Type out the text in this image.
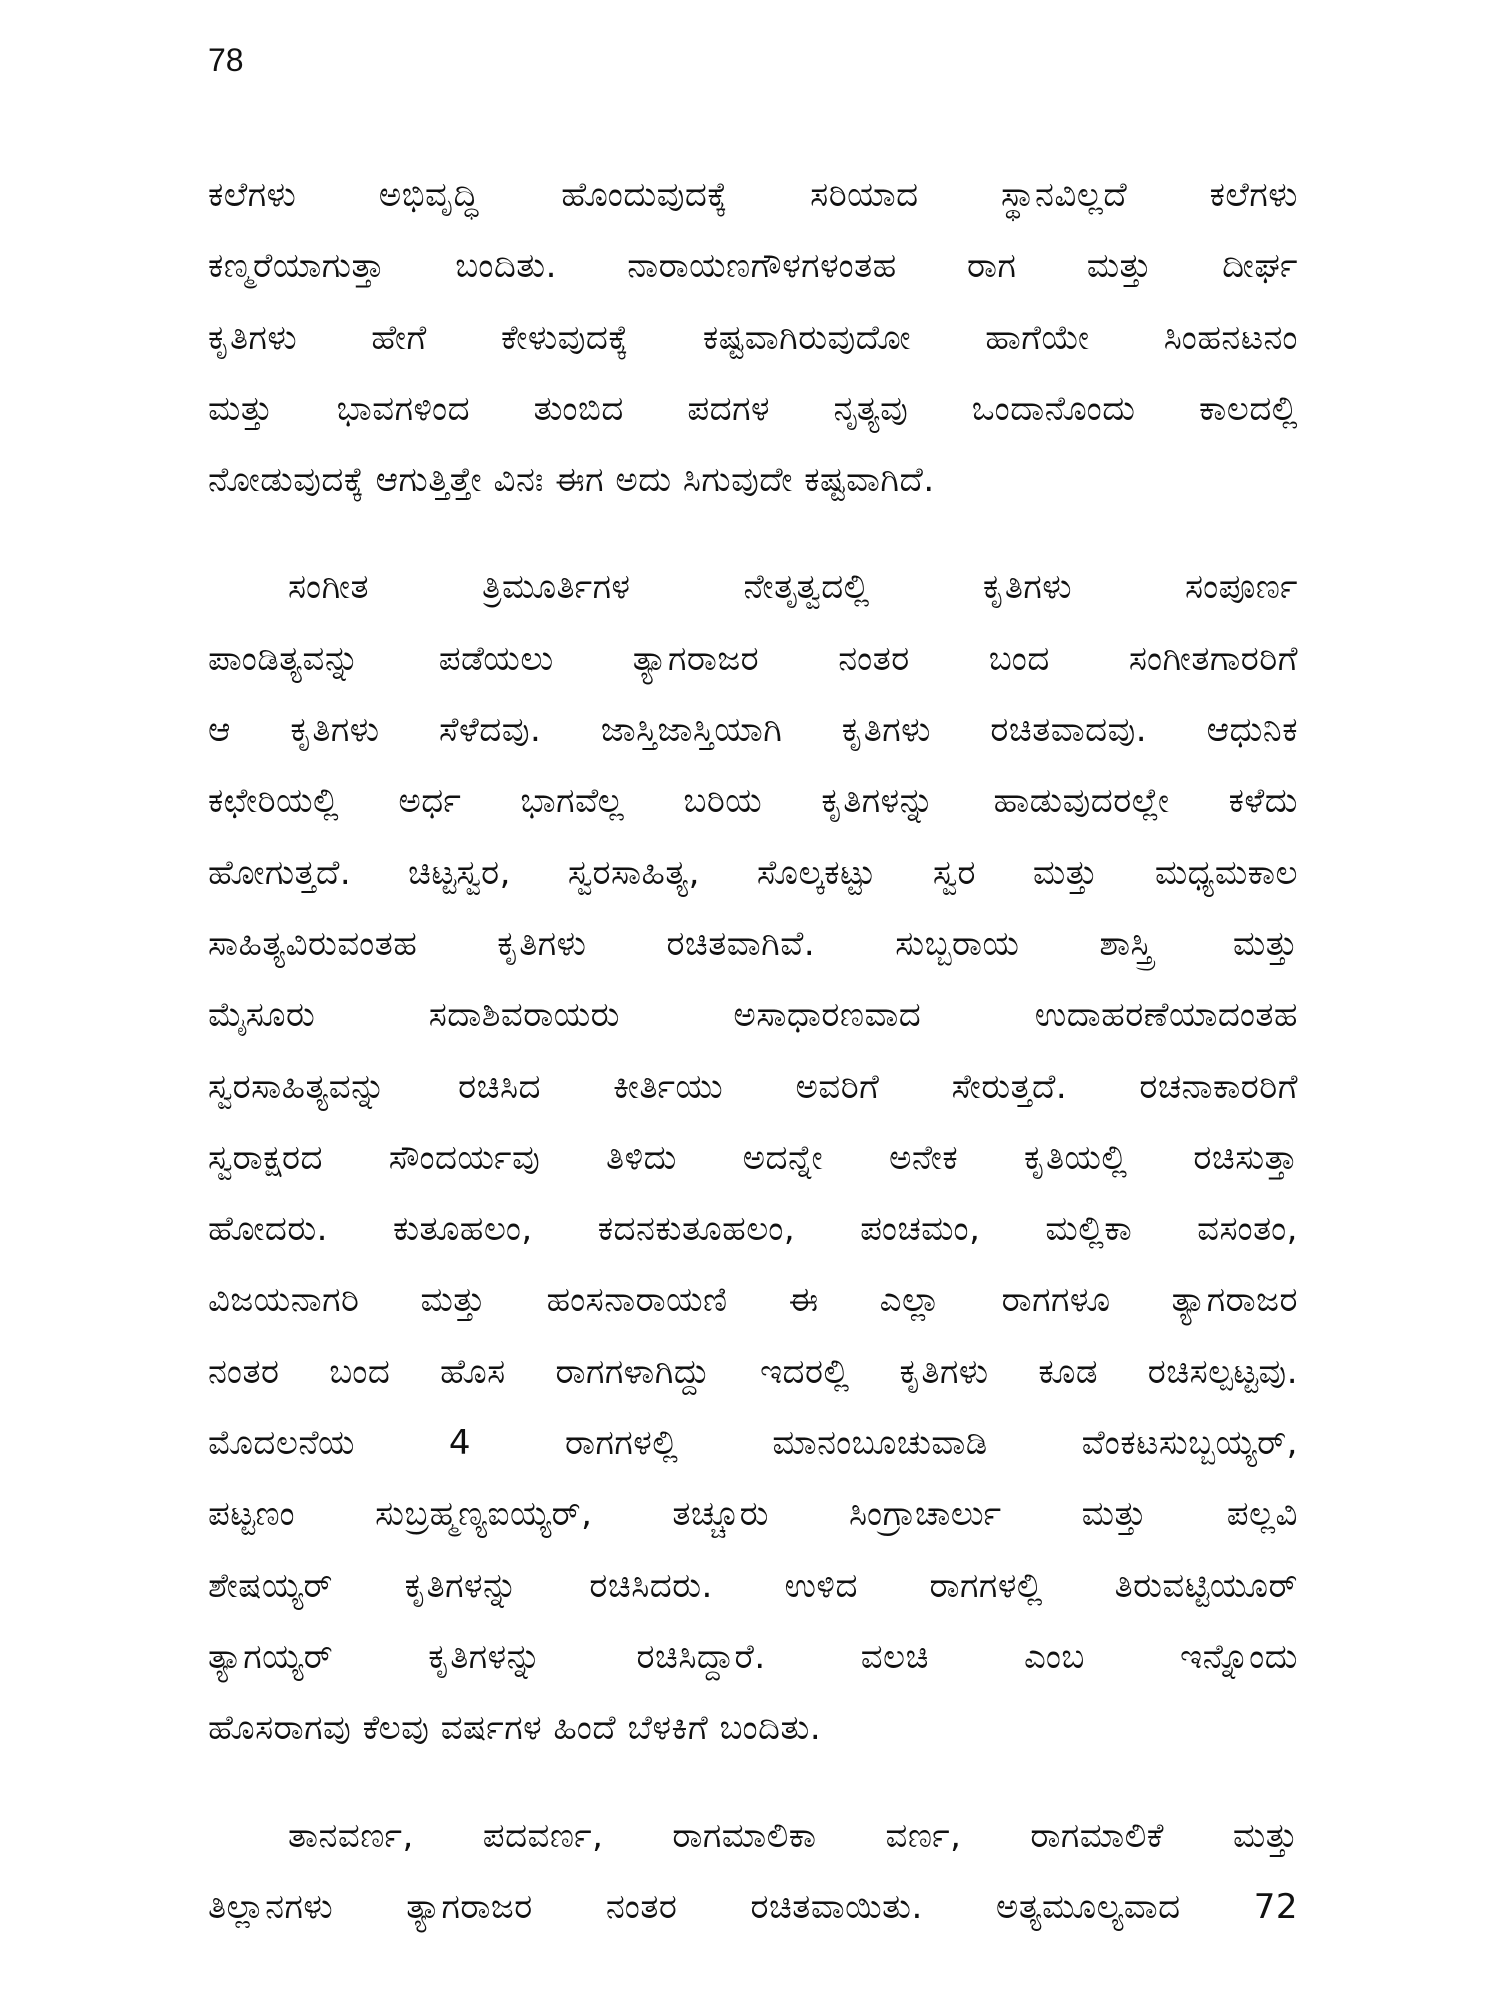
78
ಕಲೆಗಳು ಅಭಿವೃದ್ಧಿ ಹೊಂದುವುದಕ್ಕೆ ಸರಿಯಾದ ಸ್ಥಾನವಿಲ್ಲದೆ ಕಲೆಗಳು
ಕಣ್ಮರೆಯಾಗುತ್ತಾ ಬಂದಿತು. ನಾರಾಯಣಗೌಳಗಳಂತಹ ರಾಗ ಮತ್ತು ದೀರ್ಘ
ಕೃತಿಗಳು ಹೇಗೆ ಕೇಳುವುದಕ್ಕೆ ಕಷ್ಟವಾಗಿರುವುದೋ ಹಾಗೆಯೇ ಸಿಂಹನಟನಂ
ಮತ್ತು ಭಾವಗಳಿಂದ ತುಂಬಿದ ಪದಗಳ ನೃತ್ಯವು ಒಂದಾನೊಂದು ಕಾಲದಲ್ಲಿ
ನೋಡುವುದಕ್ಕೆ ಆಗುತ್ತಿತ್ತೇ ವಿನಃ ಈಗ ಅದು ಸಿಗುವುದೇ ಕಷ್ಟವಾಗಿದೆ.
ಸಂಗೀತ ತ್ರಿಮೂರ್ತಿಗಳ ನೇತೃತ್ವದಲ್ಲಿ ಕೃತಿಗಳು ಸಂಪೂರ್ಣ
ಪಾಂಡಿತ್ಯವನ್ನು ಪಡೆಯಲು ತ್ಯಾಗರಾಜರ ನಂತರ ಬಂದ ಸಂಗೀತಗಾರರಿಗೆ
ಆ ಕೃತಿಗಳು ಸೆಳೆದವು. ಜಾಸ್ತಿಜಾಸ್ತಿಯಾಗಿ ಕೃತಿಗಳು ರಚಿತವಾದವು. ಆಧುನಿಕ
ಕಛೇರಿಯಲ್ಲಿ ಅರ್ಧ ಭಾಗವೆಲ್ಲ ಬರಿಯ ಕೃತಿಗಳನ್ನು ಹಾಡುವುದರಲ್ಲೇ ಕಳೆದು
ಹೋಗುತ್ತದೆ. ಚಿಟ್ಟಸ್ವರ, ಸ್ವರಸಾಹಿತ್ಯ, ಸೊಲ್ಕಕಟ್ಟು ಸ್ವರ ಮತ್ತು ಮಧ್ಯಮಕಾಲ
ಸಾಹಿತ್ಯವಿರುವಂತಹ ಕೃತಿಗಳು ರಚಿತವಾಗಿವೆ. ಸುಬ್ಬರಾಯ ಶಾಸ್ತ್ರಿ ಮತ್ತು
ಮೈಸೂರು ಸದಾಶಿವರಾಯರು ಅಸಾಧಾರಣವಾದ ಉದಾಹರಣೆಯಾದಂತಹ
ಸ್ವರಸಾಹಿತ್ಯವನ್ನು ರಚಿಸಿದ ಕೀರ್ತಿಯು ಅವರಿಗೆ ಸೇರುತ್ತದೆ. ರಚನಾಕಾರರಿಗೆ
ಸ್ವರಾಕ್ಷರದ ಸೌಂದರ್ಯವು ತಿಳಿದು ಅದನ್ನೇ ಅನೇಕ ಕೃತಿಯಲ್ಲಿ ರಚಿಸುತ್ತಾ
ಹೋದರು. ಕುತೂಹಲಂ, ಕದನಕುತೂಹಲಂ, ಪಂಚಮಂ, ಮಲ್ಲಿಕಾ ವಸಂತಂ,
ವಿಜಯನಾಗರಿ ಮತ್ತು ಹಂಸನಾರಾಯಣಿ ಈ ಎಲ್ಲಾ ರಾಗಗಳೂ ತ್ಯಾಗರಾಜರ
ನಂತರ ಬಂದ ಹೊಸ ರಾಗಗಳಾಗಿದ್ದು ಇದರಲ್ಲಿ ಕೃತಿಗಳು ಕೂಡ ರಚಿಸಲ್ಪಟ್ಟವು.
ಮೊದಲನೆಯ 4 ರಾಗಗಳಲ್ಲಿ ಮಾನಂಬೂಚುವಾಡಿ ವೆಂಕಟಸುಬ್ಬಯ್ಯರ್,
ಪಟ್ಟಣಂ ಸುಬ್ರಹ್ಮಣ್ಯಐಯ್ಯರ್, ತಚ್ಚೂರು ಸಿಂಗ್ರಾಚಾರ್ಲು ಮತ್ತು ಪಲ್ಲವಿ
ಶೇಷಯ್ಯರ್ ಕೃತಿಗಳನ್ನು ರಚಿಸಿದರು. ಉಳಿದ ರಾಗಗಳಲ್ಲಿ ತಿರುವಟ್ಟಿಯೂರ್
ತ್ಯಾಗಯ್ಯರ್ ಕೃತಿಗಳನ್ನು ರಚಿಸಿದ್ದಾರೆ. ವಲಚಿ ಎಂಬ ಇನ್ನೊಂದು
ಹೊಸರಾಗವು ಕೆಲವು ವರ್ಷಗಳ ಹಿಂದೆ ಬೆಳಕಿಗೆ ಬಂದಿತು.
ತಾನವರ್ಣ, ಪದವರ್ಣ, ರಾಗಮಾಲಿಕಾ ವರ್ಣ, ರಾಗಮಾಲಿಕೆ ಮತ್ತು
ತಿಲ್ಲಾನಗಳು ತ್ಯಾಗರಾಜರ ನಂತರ ರಚಿತವಾಯಿತು. ಅತ್ಯಮೂಲ್ಯವಾದ 72
